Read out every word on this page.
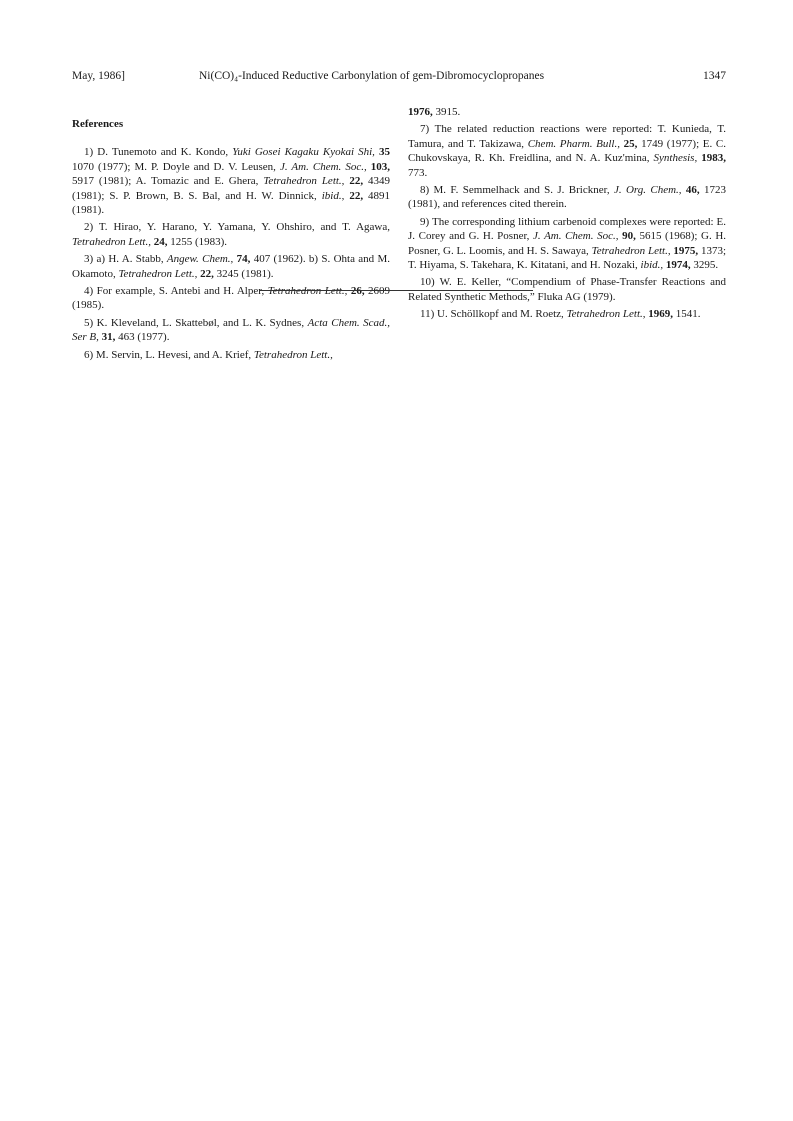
May, 1986]	Ni(CO)₄-Induced Reductive Carbonylation of gem-Dibromocyclopropanes	1347
References

1) D. Tunemoto and K. Kondo, Yuki Gosei Kagaku Kyokai Shi, 35 1070 (1977); M. P. Doyle and D. V. Leusen, J. Am. Chem. Soc., 103, 5917 (1981); A. Tomazic and E. Ghera, Tetrahedron Lett., 22, 4349 (1981); S. P. Brown, B. S. Bal, and H. W. Dinnick, ibid., 22, 4891 (1981).

2) T. Hirao, Y. Harano, Y. Yamana, Y. Ohshiro, and T. Agawa, Tetrahedron Lett., 24, 1255 (1983).

3) a) H. A. Stabb, Angew. Chem., 74, 407 (1962). b) S. Ohta and M. Okamoto, Tetrahedron Lett., 22, 3245 (1981).

4) For example, S. Antebi and H. Alper, Tetrahedron Lett., 26, 2609 (1985).

5) K. Kleveland, L. Skattebøl, and L. K. Sydnes, Acta Chem. Scad., Ser B, 31, 463 (1977).

6) M. Servin, L. Hevesi, and A. Krief, Tetrahedron Lett.,

1976, 3915.

7) The related reduction reactions were reported: T. Kunieda, T. Tamura, and T. Takizawa, Chem. Pharm. Bull., 25, 1749 (1977); E. C. Chukovskaya, R. Kh. Freidlina, and N. A. Kuz'mina, Synthesis, 1983, 773.

8) M. F. Semmelhack and S. J. Brickner, J. Org. Chem., 46, 1723 (1981), and references cited therein.

9) The corresponding lithium carbenoid complexes were reported: E. J. Corey and G. H. Posner, J. Am. Chem. Soc., 90, 5615 (1968); G. H. Posner, G. L. Loomis, and H. S. Sawaya, Tetrahedron Lett., 1975, 1373; T. Hiyama, S. Takehara, K. Kitatani, and H. Nozaki, ibid., 1974, 3295.

10) W. E. Keller, “Compendium of Phase-Transfer Reactions and Related Synthetic Methods,” Fluka AG (1979).

11) U. Schöllkopf and M. Roetz, Tetrahedron Lett., 1969, 1541.
